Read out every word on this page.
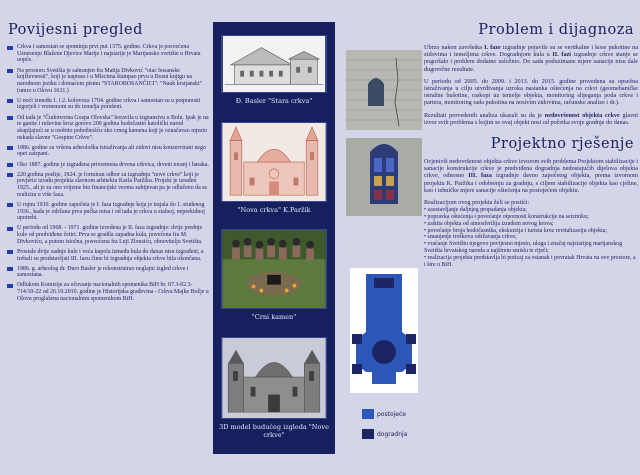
Povijesni pregled
Crkva i samostan se spominju prvi put 1375. godine. Crkva je posvećena Uznesenju Blažene Djevice Marije i najstarije je Marijansko svetište u Hrvata uopće.
Na prostoru Svetišta je sahranjen fra Matija Divković "otac bosanske književnosti", koji je napisao i u Mlecima štampao prvu u Bosni knjigu na narodnom jeziku i domaćem pismu "STAROBOSANČICI": "Nauk krstjanski" (umro u Olovu 1631.)
U noći između 1. i 2. kolovoza 1704. godine crkva i samostan su u potpunosti izgorjeli i vremenom su do temelja porušeni.
Od tada je "Čudotvorna Gospa Olovska" boravila u izgnanstvu u Bolu. Ipak je na te ganite i ruševine kroz gotovo 200 godina hodočastio katolički narod skupljajući se u osobito pobožnošću oko crnog kamena koji je označavao mjesto nekada slavne "Gospine Crkve".
1886. godine su vršena arheološka istraživanja ali zidovi nisu konzervirani nego opet zatrpani.
Oko 1887. godine je izgrađena privremena drvena crkvica, drveni toranj i baraka.
220 godina poslije, 1924. je formiran odbor za izgradnju "nove crkve" koji je povjerio izradu projekta slavnom arhitektu Karlu Paržiku. Projekt je izrađen 1925., ali je za ono vrijeme bio financijski veoma zahtjevan pa je odlučeno da se realizira u više faza.
U rujnu 1930. godine započeta je I. faza izgradnje koja je trajala do 1. studenog 1936., kada je održana prva pučka misa i od tada je crkva u stalnoj, neprekidnoj upotrebi.
U periodu od 1968. - 1971. godine izvedena je II. faza izgradnje: dvije prednje kule od predviđene četiri. Prva se gradila zapadna kula, povećena fra M. Divkoviću, a potom istočna, posvećena fra Luji Zlousiću, obnovitelju Svetišta.
Prostale dvije zadnje kule i veća kupola između kula do danas nisu izgrađeni, a trebali su predstavljati III. fazu čime bi izgradnja objekta crkve bila okončana.
1986. g. arheolog dr. Đuro Basler je rekonstruirao neglajni izgled crkve i samostana.
Odlukom Komisije za očuvanje nacionalnih spomenika BiH br. 07.3-02.3-714/10-22 od 26.10.2010. godine je Historijska građevina - Crkva Majke Božje u Olovu proglašena nacionalnim spomenikom BiH.
Đ. Basler "Stara crkva"
"Nova crkva" K.Paržik
"Crni kamen"
3D model budućeg izgleda "Nove crkve"
postojeće
dogradnja
Problem i dijagnoza

Ubrzo nakon završetka I. faze izgradnje pojavile su se vertikalne i kose pukotine na zidovima i temeljima crkve. Dogradnjom kula u II. fazi izgradnje crkve stanje se pogoršalo i problem dodatno usložnio. Do sada poduzimane mjere sanacije nisu dale dugoročne rezultate.

U periodu od 2005. do 2009. i 2013. do 2015. godine provedena su opsežna istraživanja u cilju utvrđivanja uzroka nastanka oštećenja na crkvi (geomehaničke istražne bušotine, raskopi uz temelje objekta, monitoring slijeganja poda crkve i partera, monitoring rada pukotina na nosivim zidovima, računske analize i dr.).

Rezultati provedenih analiza ukazali su da je nedovršenost objekta crkve glavni izvor svih problema s kojim se ovaj objekt nosi od početka svoje gradnje do danas.

Projektno rješenje

Ocjenivši nedovršenost objekta crkve izvorom svih problema Projektom stabilizacije i sanacije konstrukcije crkve je predviđena dogradnja nedostajućih dijelova objekta crkve, odnosno III. faza izgradnje davno započetog objekta, prema izvornom projektu K. Paržika i odobrenju za gradnju, s ciljem stabilizacije objekta kao cjeline, kao i tehničke mjere sanacije oštećenja na postojećem objektu.

Realizacijom ovog projekta želi se postići:

• zaustavljanje daljnjeg propadanja objekta;
• popravka oštećenja i povećanje otpornosti konstrukcije na seizmiku;
• zaštita objekta od atmosferilija izradom novog krova;
• povećanje broja hodočasnika, ekskurzija i turista kroz revitalizaciju objekta;
• smanjenje troškova održavanja crkve;
• vraćanje Svetištu njegovo povijesno mjesto, uloga i značaj najstarijeg marijanskog Svetišta hrvatskog naroda u najširem smislu te riječi;
• realizacija projekta predstavlja bi poticaj za ostanak i povratak Hrvata na ove prostore, a i šire u BiH.
